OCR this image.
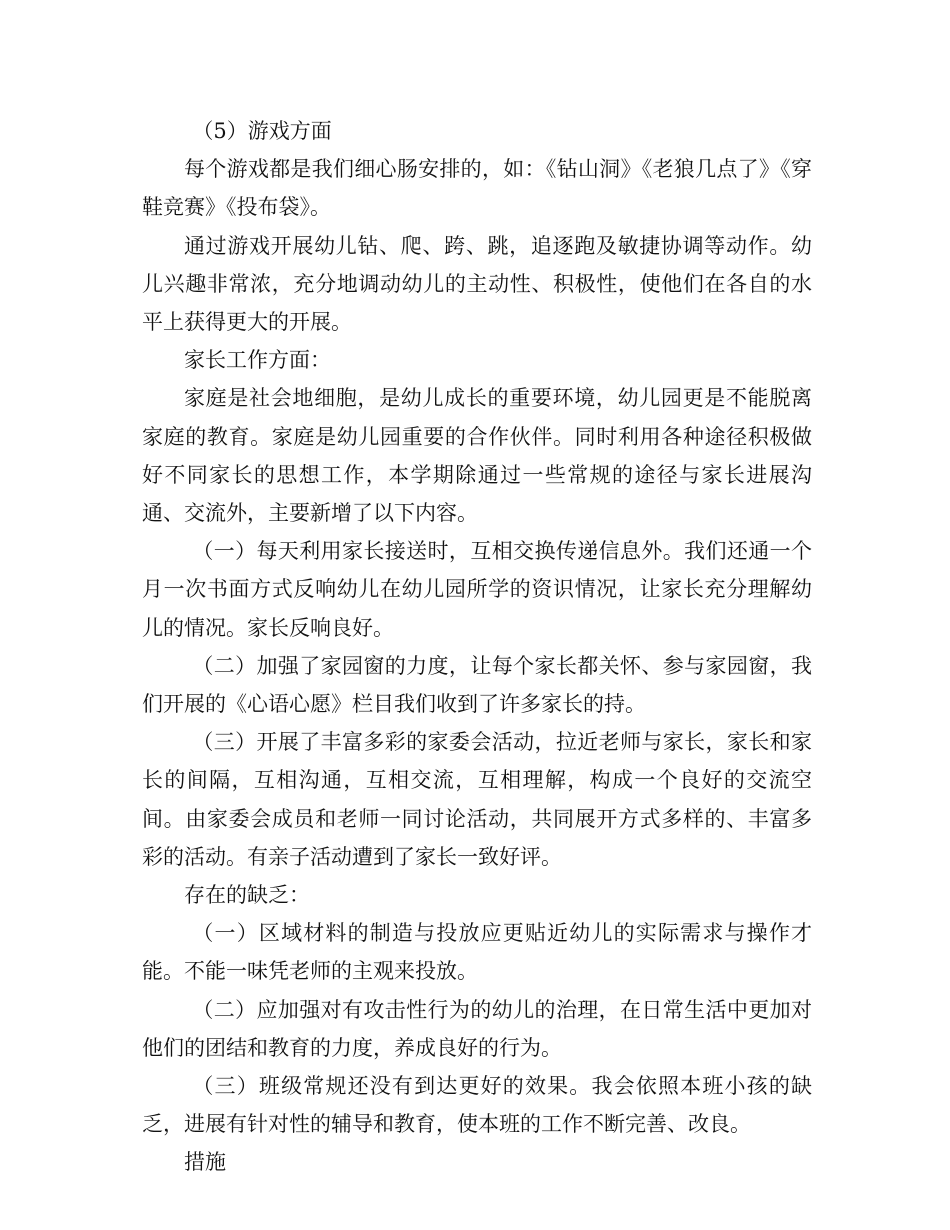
（5）游戏方面

每个游戏都是我们细心肠安排的，如：《钻山洞》《老狼几点了》《穿鞋竞赛》《投布袋》。

通过游戏开展幼儿钻、爬、跨、跳，追逐跑及敏捷协调等动作。幼儿兴趣非常浓，充分地调动幼儿的主动性、积极性，使他们在各自的水平上获得更大的开展。

家长工作方面：

家庭是社会地细胞，是幼儿成长的重要环境，幼儿园更是不能脱离家庭的教育。家庭是幼儿园重要的合作伙伴。同时利用各种途径积极做好不同家长的思想工作，本学期除通过一些常规的途径与家长进展沟通、交流外，主要新增了以下内容。

（一）每天利用家长接送时，互相交换传递信息外。我们还通一个月一次书面方式反响幼儿在幼儿园所学的资识情况，让家长充分理解幼儿的情况。家长反响良好。

（二）加强了家园窗的力度，让每个家长都关怀、参与家园窗，我们开展的《心语心愿》栏目我们收到了许多家长的持。

（三）开展了丰富多彩的家委会活动，拉近老师与家长，家长和家长的间隔，互相沟通，互相交流，互相理解，构成一个良好的交流空间。由家委会成员和老师一同讨论活动，共同展开方式多样的、丰富多彩的活动。有亲子活动遭到了家长一致好评。

存在的缺乏：

（一）区域材料的制造与投放应更贴近幼儿的实际需求与操作才能。不能一味凭老师的主观来投放。

（二）应加强对有攻击性行为的幼儿的治理，在日常生活中更加对他们的团结和教育的力度，养成良好的行为。

（三）班级常规还没有到达更好的效果。我会依照本班小孩的缺乏，进展有针对性的辅导和教育，使本班的工作不断完善、改良。

措施
